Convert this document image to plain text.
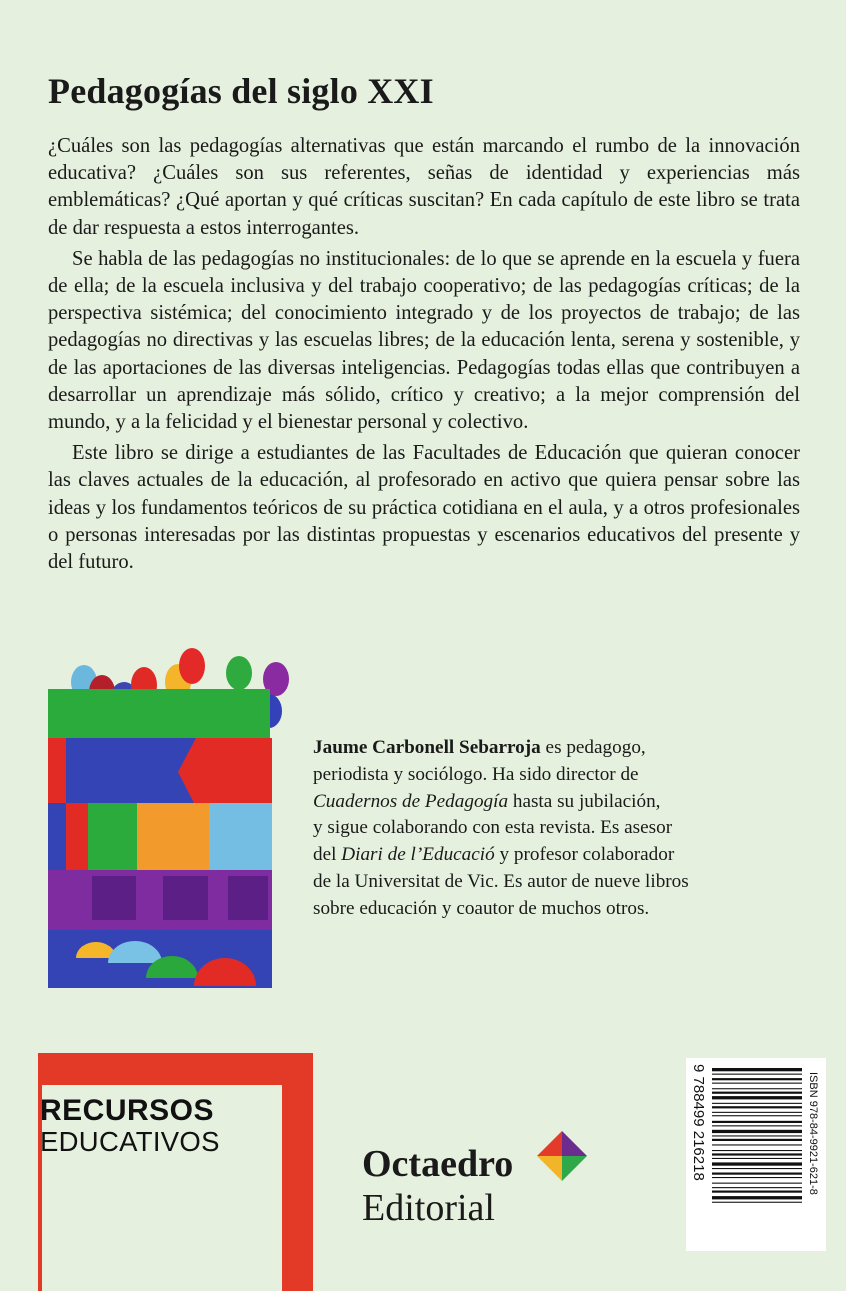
Pedagogías del siglo XXI

¿Cuáles son las pedagogías alternativas que están marcando el rumbo de la innovación educativa? ¿Cuáles son sus referentes, señas de identidad y experiencias más emblemáticas? ¿Qué aportan y qué críticas suscitan? En cada capítulo de este libro se trata de dar respuesta a estos interrogantes.

Se habla de las pedagogías no institucionales: de lo que se aprende en la escuela y fuera de ella; de la escuela inclusiva y del trabajo cooperativo; de las pedagogías críticas; de la perspectiva sistémica; del conocimiento integrado y de los proyectos de trabajo; de las pedagogías no directivas y las escuelas libres; de la educación lenta, serena y sostenible, y de las aportaciones de las diversas inteligencias. Pedagogías todas ellas que contribuyen a desarrollar un aprendizaje más sólido, crítico y creativo; a la mejor comprensión del mundo, y a la felicidad y el bienestar personal y colectivo.

Este libro se dirige a estudiantes de las Facultades de Educación que quieran conocer las claves actuales de la educación, al profesorado en activo que quiera pensar sobre las ideas y los fundamentos teóricos de su práctica cotidiana en el aula, y a otros profesionales o personas interesadas por las distintas propuestas y escenarios educativos del presente y del futuro.

Jaume Carbonell Sebarroja es pedagogo,
periodista y sociólogo. Ha sido director de
Cuadernos de Pedagogía hasta su jubilación,
y sigue colaborando con esta revista. Es asesor
del Diari de l’Educació y profesor colaborador
de la Universitat de Vic. Es autor de nueve libros
sobre educación y coautor de muchos otros.
RECURSOS
EDUCATIVOS
Octaedro
Editorial
ISBN 978-84-9921-621-8
9 788499 216218
